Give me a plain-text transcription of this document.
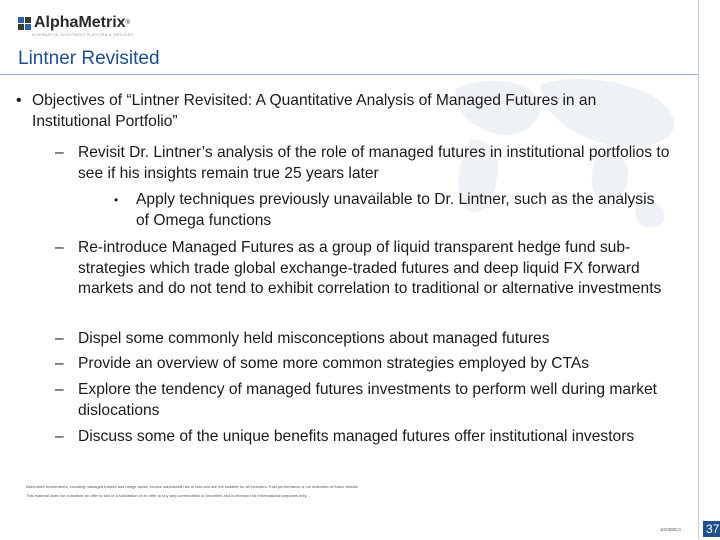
AlphaMetrix ®
ALTERNATIVE INVESTMENT PLATFORM & SERVICES
Lintner Revisited
• Objectives of “Lintner Revisited: A Quantitative Analysis of Managed Futures in an Institutional Portfolio”
– Revisit Dr. Lintner’s analysis of the role of managed futures in institutional portfolios to see if his insights remain true 25 years later
•	Apply techniques previously unavailable to Dr. Lintner, such as the analysis of Omega functions
– Re-introduce Managed Futures as a group of liquid transparent hedge fund sub-strategies which trade global exchange-traded futures and deep liquid FX forward markets and do not tend to exhibit correlation to traditional or alternative investments
– Dispel some commonly held misconceptions about managed futures
– Provide an overview of some more common strategies employed by CTAs
– Explore the tendency of managed futures investments to perform well during market dislocations
– Discuss some of the unique benefits managed futures offer institutional investors
Alternative investments, including managed futures and hedge funds, involve substantial risk of loss and are not suitable for all investors. Past performance is not indicative of future results.
This material does not constitute an offer to sell or a solicitation of an offer to buy any commodities or securities and is intended for informational purposes only.
102308CA 37
